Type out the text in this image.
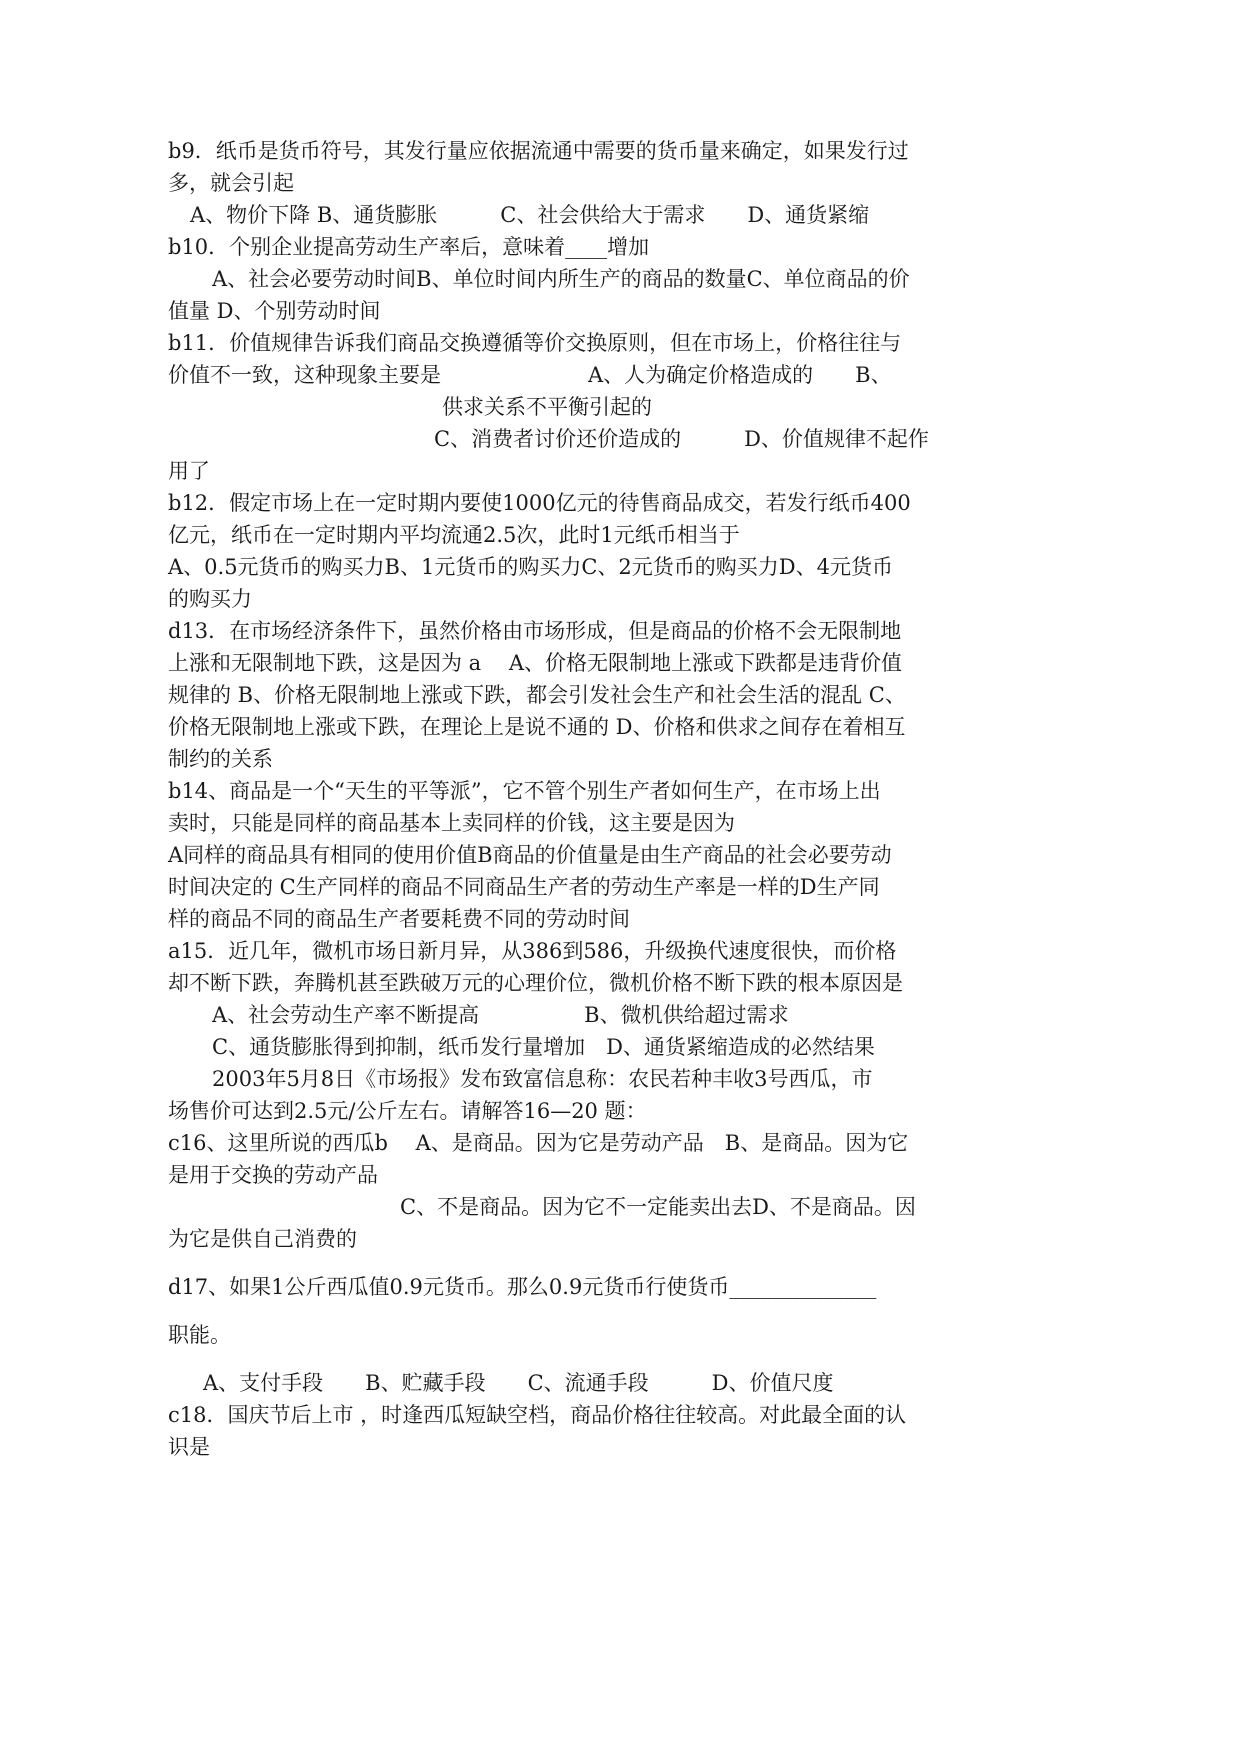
b9．纸币是货币符号，其发行量应依据流通中需要的货币量来确定，如果发行过
多，就会引起
A、物价下降 B、通货膨胀　　　C、社会供给大于需求　　D、通货紧缩
b10．个别企业提高劳动生产率后，意味着____增加
A、社会必要劳动时间B、单位时间内所生产的商品的数量C、单位商品的价
值量 D、个别劳动时间
b11．价值规律告诉我们商品交换遵循等价交换原则，但在市场上，价格往往与
价值不一致，这种现象主要是　　　　　　　A、人为确定价格造成的　　B、
供求关系不平衡引起的
C、消费者讨价还价造成的　　　D、价值规律不起作
用了
b12．假定市场上在一定时期内要使1000亿元的待售商品成交，若发行纸币400
亿元，纸币在一定时期内平均流通2.5次，此时1元纸币相当于
A、0.5元货币的购买力B、1元货币的购买力C、2元货币的购买力D、4元货币
的购买力
d13．在市场经济条件下，虽然价格由市场形成，但是商品的价格不会无限制地
上涨和无限制地下跌，这是因为 a　 A、价格无限制地上涨或下跌都是违背价值
规律的 B、价格无限制地上涨或下跌，都会引发社会生产和社会生活的混乱 C、
价格无限制地上涨或下跌，在理论上是说不通的 D、价格和供求之间存在着相互
制约的关系
b14、商品是一个“天生的平等派”，它不管个别生产者如何生产，在市场上出
卖时，只能是同样的商品基本上卖同样的价钱，这主要是因为
A同样的商品具有相同的使用价值B商品的价值量是由生产商品的社会必要劳动
时间决定的 C生产同样的商品不同商品生产者的劳动生产率是一样的D生产同
样的商品不同的商品生产者要耗费不同的劳动时间
a15．近几年，微机市场日新月异，从386到586，升级换代速度很快，而价格
却不断下跌，奔腾机甚至跌破万元的心理价位，微机价格不断下跌的根本原因是
A、社会劳动生产率不断提高　　　　　B、微机供给超过需求
C、通货膨胀得到抑制，纸币发行量增加　D、通货紧缩造成的必然结果
2003年5月8日《市场报》发布致富信息称：农民若种丰收3号西瓜，市
场售价可达到2.5元/公斤左右。请解答16—20 题：
c16、这里所说的西瓜b　 A、是商品。因为它是劳动产品　B、是商品。因为它
是用于交换的劳动产品
C、不是商品。因为它不一定能卖出去D、不是商品。因
为它是供自己消费的
d17、如果1公斤西瓜值0.9元货币。那么0.9元货币行使货币______________
职能。
A、支付手段　　B、贮藏手段　　C、流通手段　　　D、价值尺度
c18．国庆节后上市 ，时逢西瓜短缺空档，商品价格往往较高。对此最全面的认
识是
